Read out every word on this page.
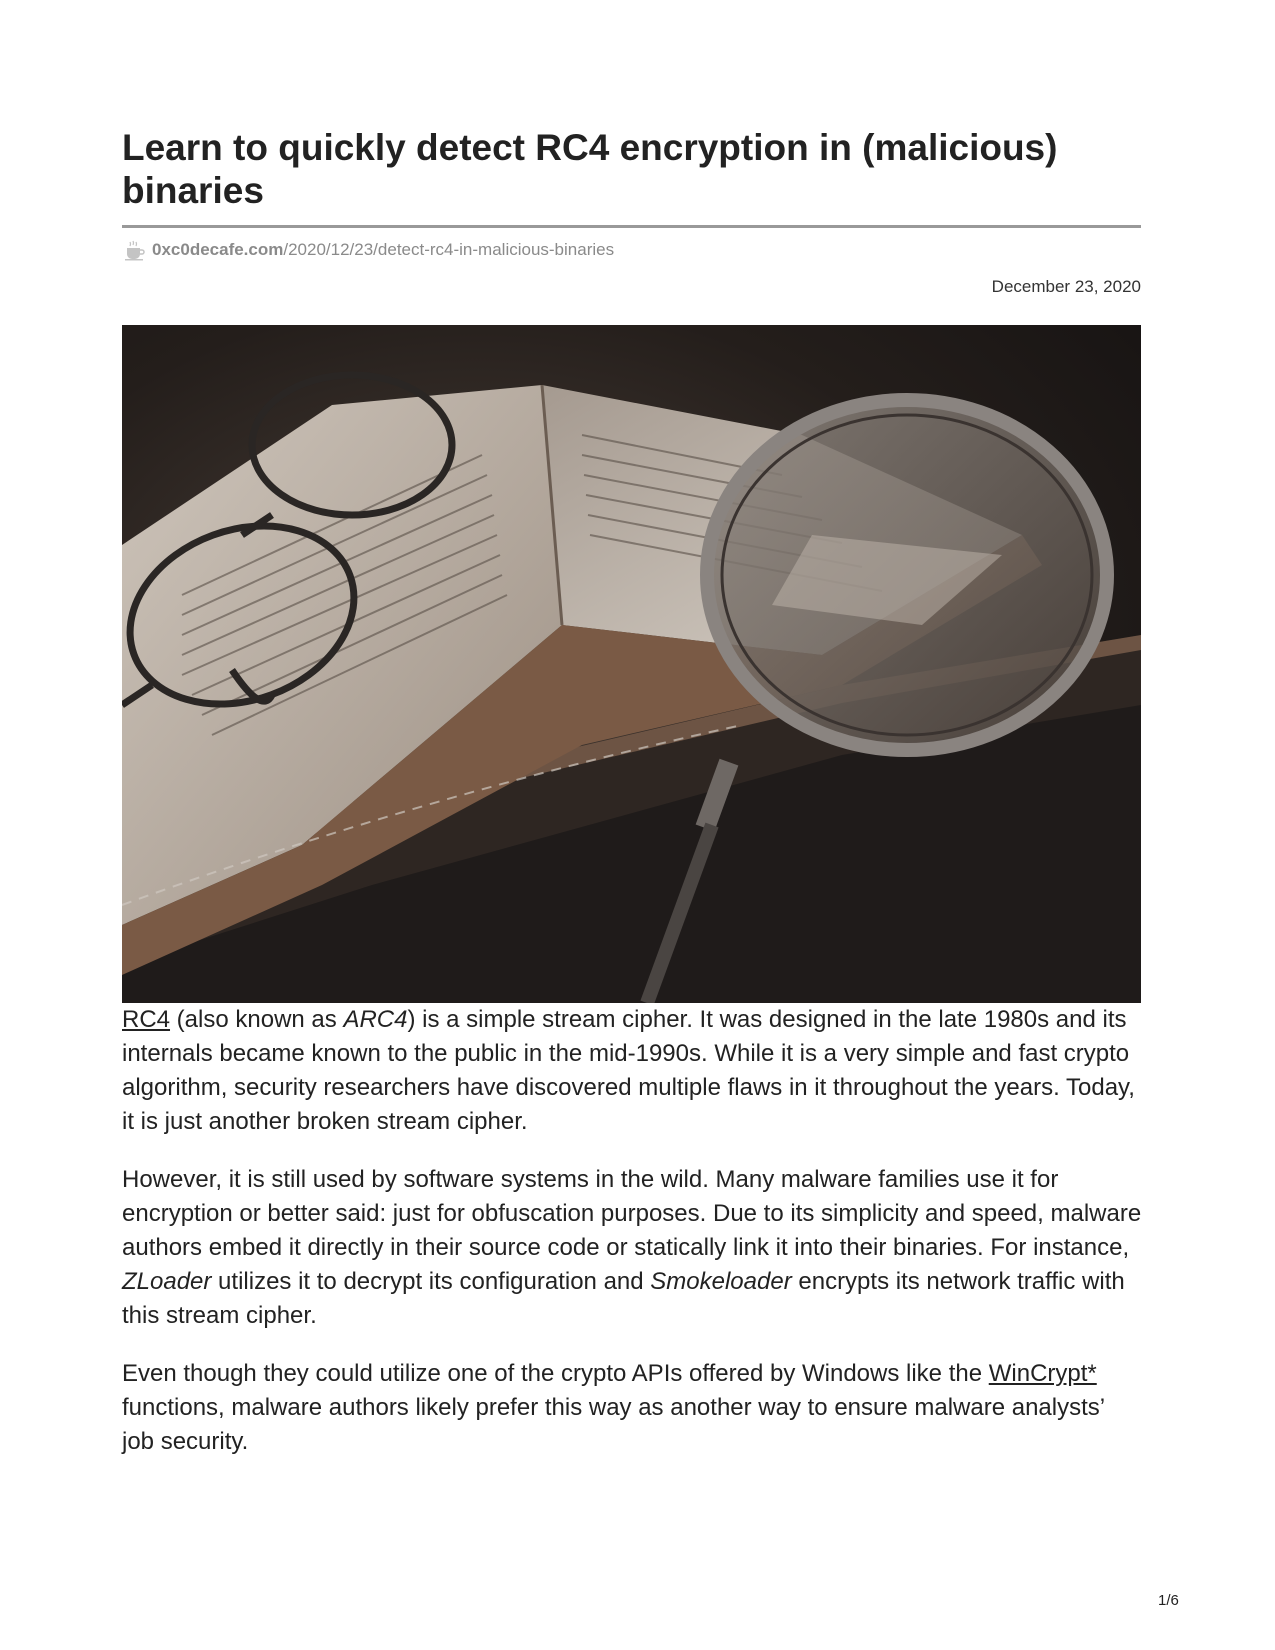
Learn to quickly detect RC4 encryption in (malicious) binaries
0xc0decafe.com /2020/12/23/detect-rc4-in-malicious-binaries
December 23, 2020

RC4 (also known as ARC4) is a simple stream cipher. It was designed in the late 1980s and its internals became known to the public in the mid-1990s. While it is a very simple and fast crypto algorithm, security researchers have discovered multiple flaws in it throughout the years. Today, it is just another broken stream cipher.

However, it is still used by software systems in the wild. Many malware families use it for encryption or better said: just for obfuscation purposes. Due to its simplicity and speed, malware authors embed it directly in their source code or statically link it into their binaries. For instance, ZLoader utilizes it to decrypt its configuration and Smokeloader encrypts its network traffic with this stream cipher.

Even though they could utilize one of the crypto APIs offered by Windows like the WinCrypt* functions, malware authors likely prefer this way as another way to ensure malware analysts’ job security.

1/6
